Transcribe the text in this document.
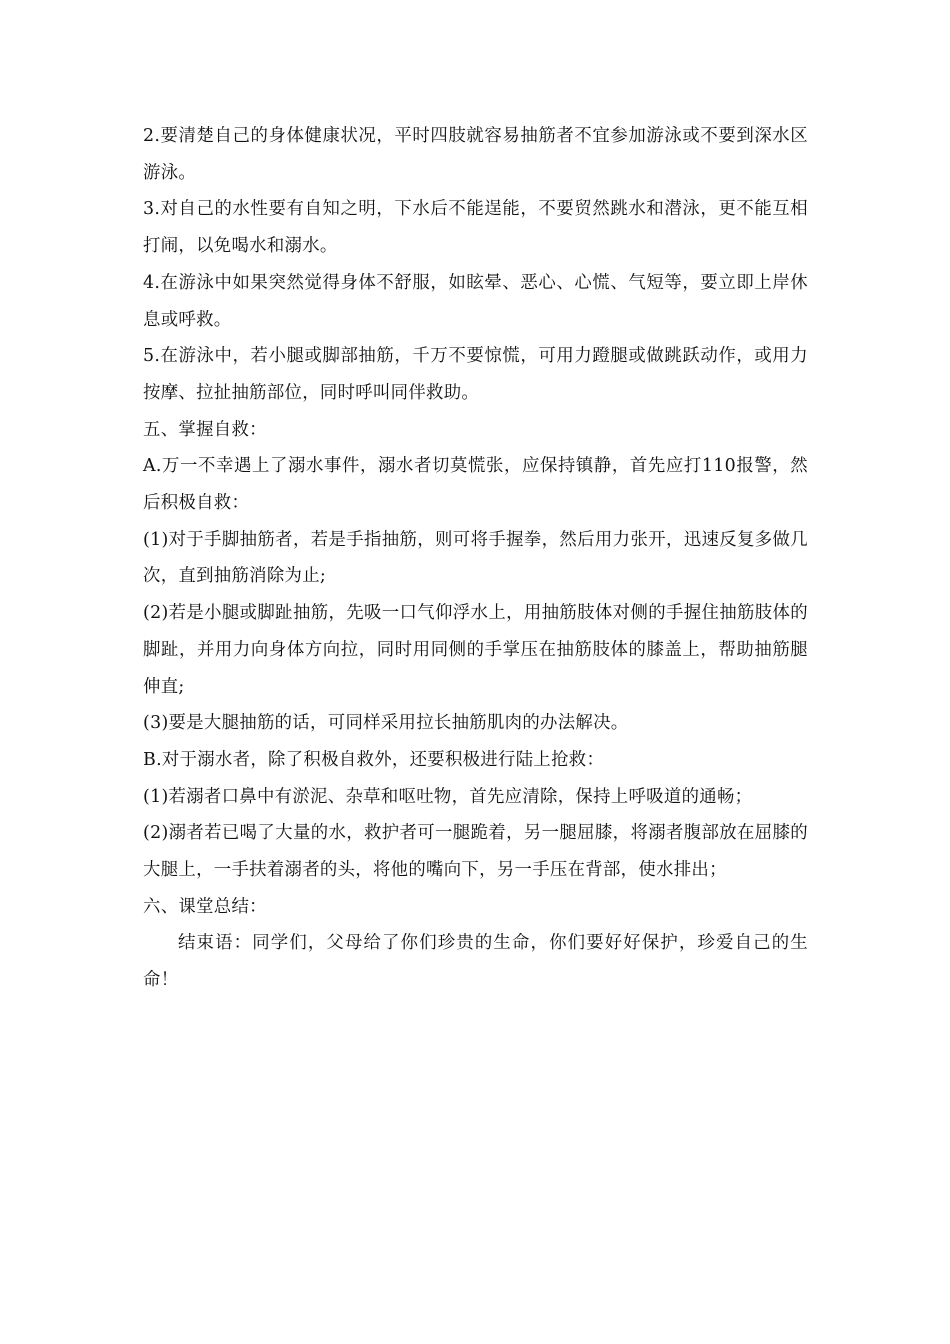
2.要清楚自己的身体健康状况，平时四肢就容易抽筋者不宜参加游泳或不要到深水区游泳。

3.对自己的水性要有自知之明，下水后不能逞能，不要贸然跳水和潜泳，更不能互相打闹，以免喝水和溺水。

4.在游泳中如果突然觉得身体不舒服，如眩晕、恶心、心慌、气短等，要立即上岸休息或呼救。

5.在游泳中，若小腿或脚部抽筋，千万不要惊慌，可用力蹬腿或做跳跃动作，或用力按摩、拉扯抽筋部位，同时呼叫同伴救助。

五、掌握自救：

A.万一不幸遇上了溺水事件，溺水者切莫慌张，应保持镇静，首先应打110报警，然后积极自救：

(1)对于手脚抽筋者，若是手指抽筋，则可将手握拳，然后用力张开，迅速反复多做几次，直到抽筋消除为止;

(2)若是小腿或脚趾抽筋，先吸一口气仰浮水上，用抽筋肢体对侧的手握住抽筋肢体的脚趾，并用力向身体方向拉，同时用同侧的手掌压在抽筋肢体的膝盖上，帮助抽筋腿伸直;

(3)要是大腿抽筋的话，可同样采用拉长抽筋肌肉的办法解决。

B.对于溺水者，除了积极自救外，还要积极进行陆上抢救：

(1)若溺者口鼻中有淤泥、杂草和呕吐物，首先应清除，保持上呼吸道的通畅；

(2)溺者若已喝了大量的水，救护者可一腿跪着，另一腿屈膝，将溺者腹部放在屈膝的大腿上，一手扶着溺者的头，将他的嘴向下，另一手压在背部，使水排出；

六、课堂总结：

结束语：同学们，父母给了你们珍贵的生命，你们要好好保护，珍爱自己的生命！
